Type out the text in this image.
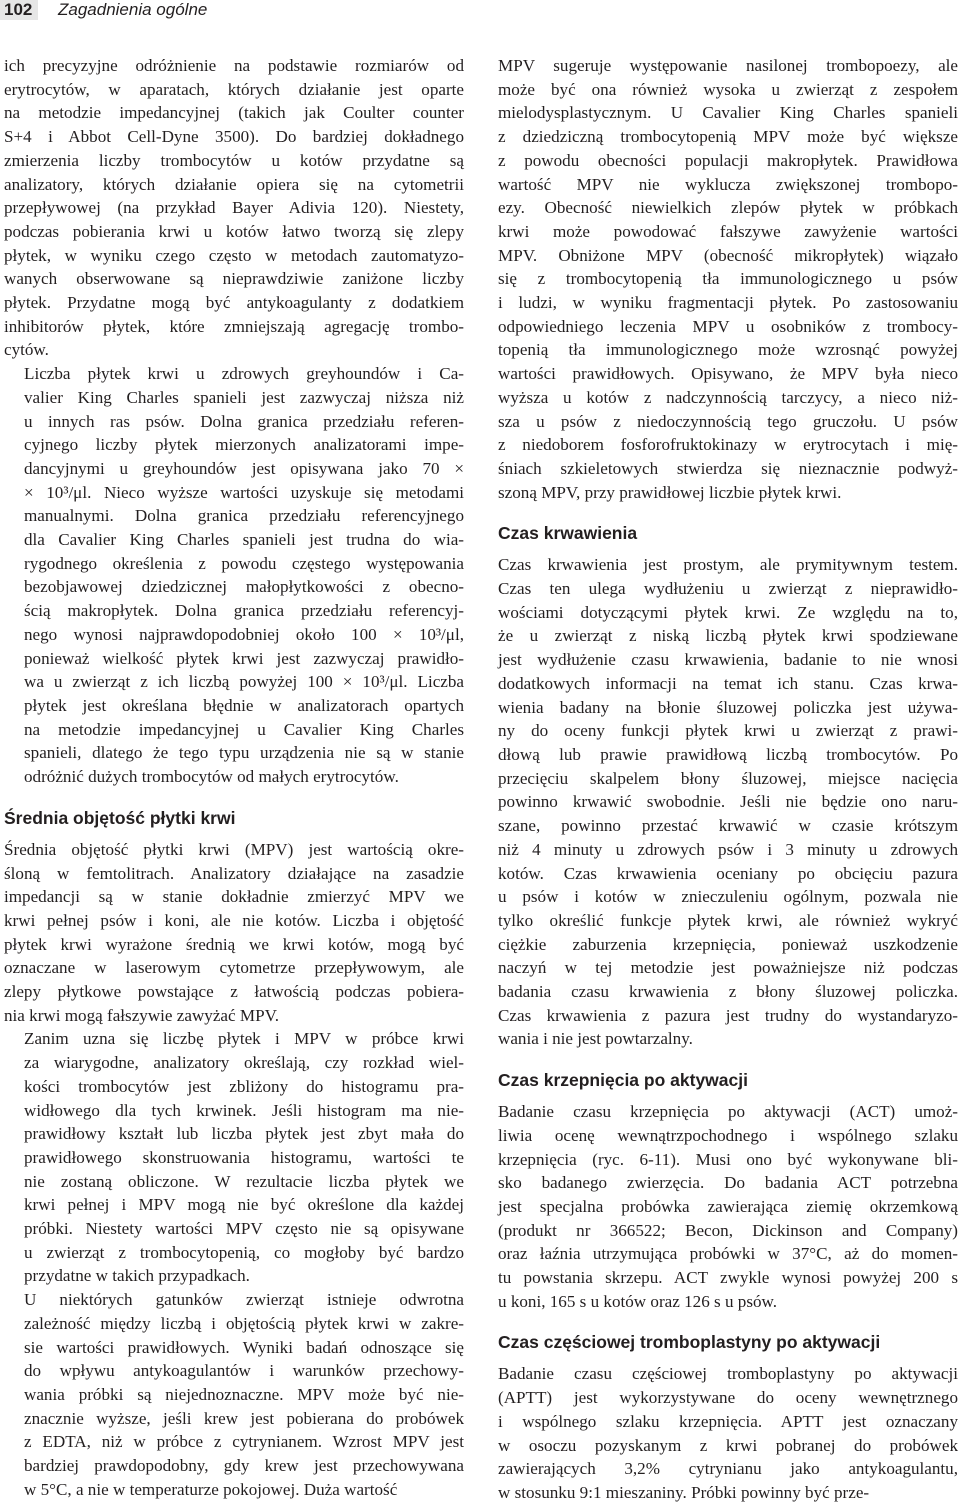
102	Zagadnienia ogólne

ich precyzyjne odróżnienie na podstawie rozmiarów od
erytrocytów, w aparatach, których działanie jest oparte
na metodzie impedancyjnej (takich jak Coulter counter
S+4 i Abbot Cell-Dyne 3500). Do bardziej dokładnego
zmierzenia liczby trombocytów u kotów przydatne są
analizatory, których działanie opiera się na cytometrii
przepływowej (na przykład Bayer Adivia 120). Niestety,
podczas pobierania krwi u kotów łatwo tworzą się zlepy
płytek, w wyniku czego często w metodach zautomatyzo-
wanych obserwowane są nieprawdziwie zaniżone liczby
płytek. Przydatne mogą być antykoagulanty z dodatkiem
inhibitorów płytek, które zmniejszają agregację trombo-
cytów.

Liczba płytek krwi u zdrowych greyhoundów i Ca-
valier King Charles spanieli jest zazwyczaj niższa niż
u innych ras psów. Dolna granica przedziału referen-
cyjnego liczby płytek mierzonych analizatorami impe-
dancyjnymi u greyhoundów jest opisywana jako 70 ×
× 10³/μl. Nieco wyższe wartości uzyskuje się metodami
manualnymi. Dolna granica przedziału referencyjnego
dla Cavalier King Charles spanieli jest trudna do wia-
rygodnego określenia z powodu częstego występowania
bezobjawowej dziedzicznej małopłytkowości z obecno-
ścią makropłytek. Dolna granica przedziału referencyj-
nego wynosi najprawdopodobniej około 100 × 10³/μl,
ponieważ wielkość płytek krwi jest zazwyczaj prawidło-
wa u zwierząt z ich liczbą powyżej 100 × 10³/μl. Liczba
płytek jest określana błędnie w analizatorach opartych
na metodzie impedancyjnej u Cavalier King Charles
spanieli, dlatego że tego typu urządzenia nie są w stanie
odróżnić dużych trombocytów od małych erytrocytów.

Średnia objętość płytki krwi

Średnia objętość płytki krwi (MPV) jest wartością okre-
śloną w femtolitrach. Analizatory działające na zasadzie
impedancji są w stanie dokładnie zmierzyć MPV we
krwi pełnej psów i koni, ale nie kotów. Liczba i objętość
płytek krwi wyrażone średnią we krwi kotów, mogą być
oznaczane w laserowym cytometrze przepływowym, ale
zlepy płytkowe powstające z łatwością podczas pobiera-
nia krwi mogą fałszywie zawyżać MPV.

Zanim uzna się liczbę płytek i MPV w próbce krwi
za wiarygodne, analizatory określają, czy rozkład wiel-
kości trombocytów jest zbliżony do histogramu pra-
widłowego dla tych krwinek. Jeśli histogram ma nie-
prawidłowy kształt lub liczba płytek jest zbyt mała do
prawidłowego skonstruowania histogramu, wartości te
nie zostaną obliczone. W rezultacie liczba płytek we
krwi pełnej i MPV mogą nie być określone dla każdej
próbki. Niestety wartości MPV często nie są opisywane
u zwierząt z trombocytopenią, co mogłoby być bardzo
przydatne w takich przypadkach.

U niektórych gatunków zwierząt istnieje odwrotna
zależność między liczbą i objętością płytek krwi w zakre-
sie wartości prawidłowych. Wyniki badań odnoszące się
do wpływu antykoagulantów i warunków przechowy-
wania próbki są niejednoznaczne. MPV może być nie-
znacznie wyższe, jeśli krew jest pobierana do probówek
z EDTA, niż w próbce z cytrynianem. Wzrost MPV jest
bardziej prawdopodobny, gdy krew jest przechowywana
w 5°C, a nie w temperaturze pokojowej. Duża wartość

MPV sugeruje występowanie nasilonej trombopoezy, ale
może być ona również wysoka u zwierząt z zespołem
mielodysplastycznym. U Cavalier King Charles spanieli
z dziedziczną trombocytopenią MPV może być większe
z powodu obecności populacji makropłytek. Prawidłowa
wartość MPV nie wyklucza zwiększonej trombopo-
ezy. Obecność niewielkich zlepów płytek w próbkach
krwi może powodować fałszywe zawyżenie wartości
MPV. Obniżone MPV (obecność mikropłytek) wiązało
się z trombocytopenią tła immunologicznego u psów
i ludzi, w wyniku fragmentacji płytek. Po zastosowaniu
odpowiedniego leczenia MPV u osobników z trombocy-
topenią tła immunologicznego może wzrosnąć powyżej
wartości prawidłowych. Opisywano, że MPV była nieco
wyższa u kotów z nadczynnością tarczycy, a nieco niż-
sza u psów z niedoczynnością tego gruczołu. U psów
z niedoborem fosforofruktokinazy w erytrocytach i mię-
śniach szkieletowych stwierdza się nieznacznie podwyż-
szoną MPV, przy prawidłowej liczbie płytek krwi.

Czas krwawienia

Czas krwawienia jest prostym, ale prymitywnym testem.
Czas ten ulega wydłużeniu u zwierząt z nieprawidło-
wościami dotyczącymi płytek krwi. Ze względu na to,
że u zwierząt z niską liczbą płytek krwi spodziewane
jest wydłużenie czasu krwawienia, badanie to nie wnosi
dodatkowych informacji na temat ich stanu. Czas krwa-
wienia badany na błonie śluzowej policzka jest używa-
ny do oceny funkcji płytek krwi u zwierząt z prawi-
dłową lub prawie prawidłową liczbą trombocytów. Po
przecięciu skalpelem błony śluzowej, miejsce nacięcia
powinno krwawić swobodnie. Jeśli nie będzie ono naru-
szane, powinno przestać krwawić w czasie krótszym
niż 4 minuty u zdrowych psów i 3 minuty u zdrowych
kotów. Czas krwawienia oceniany po obcięciu pazura
u psów i kotów w znieczuleniu ogólnym, pozwala nie
tylko określić funkcje płytek krwi, ale również wykryć
ciężkie zaburzenia krzepnięcia, ponieważ uszkodzenie
naczyń w tej metodzie jest poważniejsze niż podczas
badania czasu krwawienia z błony śluzowej policzka.
Czas krwawienia z pazura jest trudny do wystandaryzo-
wania i nie jest powtarzalny.

Czas krzepnięcia po aktywacji

Badanie czasu krzepnięcia po aktywacji (ACT) umoż-
liwia ocenę wewnątrzpochodnego i wspólnego szlaku
krzepnięcia (ryc. 6-11). Musi ono być wykonywane bli-
sko badanego zwierzęcia. Do badania ACT potrzebna
jest specjalna probówka zawierająca ziemię okrzemkową
(produkt nr 366522; Becon, Dickinson and Company)
oraz łaźnia utrzymująca probówki w 37°C, aż do momen-
tu powstania skrzepu. ACT zwykle wynosi powyżej 200 s
u koni, 165 s u kotów oraz 126 s u psów.

Czas częściowej tromboplastyny po aktywacji

Badanie czasu częściowej tromboplastyny po aktywacji
(APTT) jest wykorzystywane do oceny wewnętrznego
i wspólnego szlaku krzepnięcia. APTT jest oznaczany
w osoczu pozyskanym z krwi pobranej do probówek
zawierających 3,2% cytrynianu jako antykoagulantu,
w stosunku 9:1 mieszaniny. Próbki powinny być prze-
